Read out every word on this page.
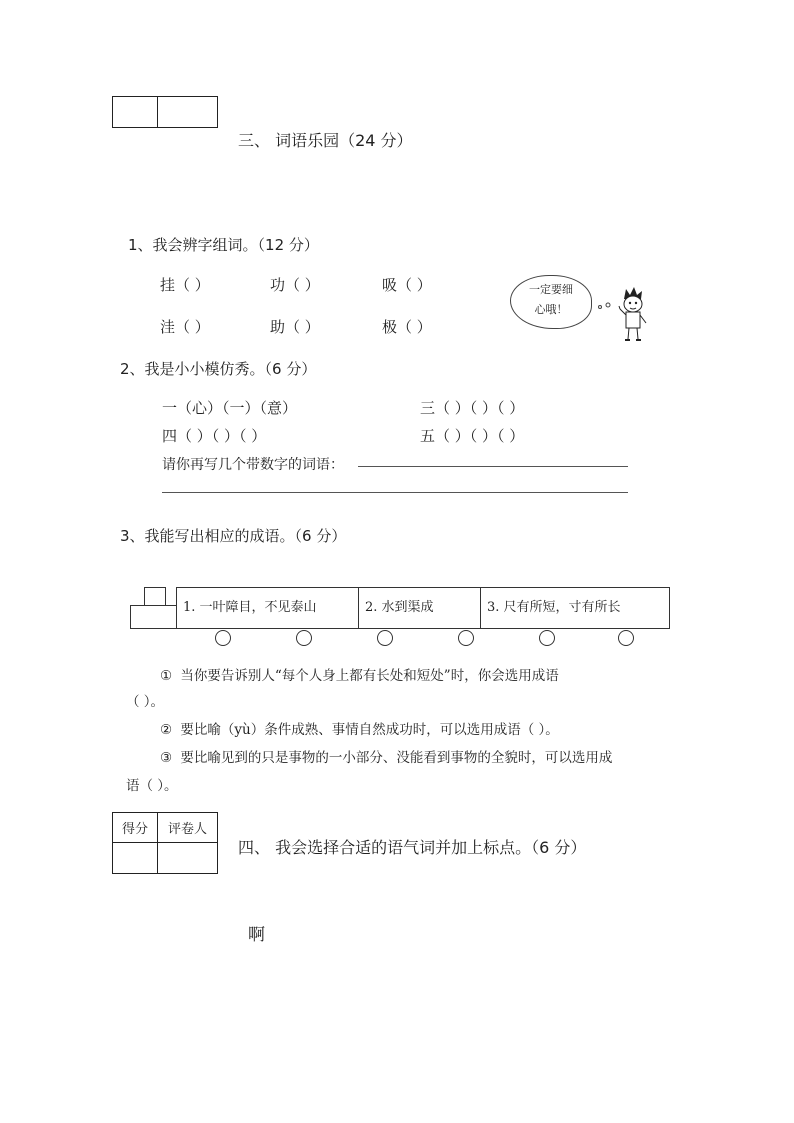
三、 词语乐园（24 分）
1、我会辨字组词。（12 分）
挂（ ）	功（ ）	吸（ ）
洼（ ）	助（ ）	极（ ）
一定要细
心哦！
2、我是小小模仿秀。（6 分）
一（心）（一）（意）	三（ ）（ ）（ ）
四（ ）（ ）（ ）	五（ ）（ ）（ ）
请你再写几个带数字的词语：
3、我能写出相应的成语。（6 分）
1. 一叶障目，不见泰山	2. 水到渠成	3. 尺有所短，寸有所长
① 当你要告诉别人“每个人身上都有长处和短处”时，你会选用成语
（ ）。
② 要比喻（yù）条件成熟、事情自然成功时，可以选用成语（ ）。
③ 要比喻见到的只是事物的一小部分、没能看到事物的全貌时，可以选用成
语（ ）。
得分	评卷人

四、 我会选择合适的语气词并加上标点。（6 分）
啊
